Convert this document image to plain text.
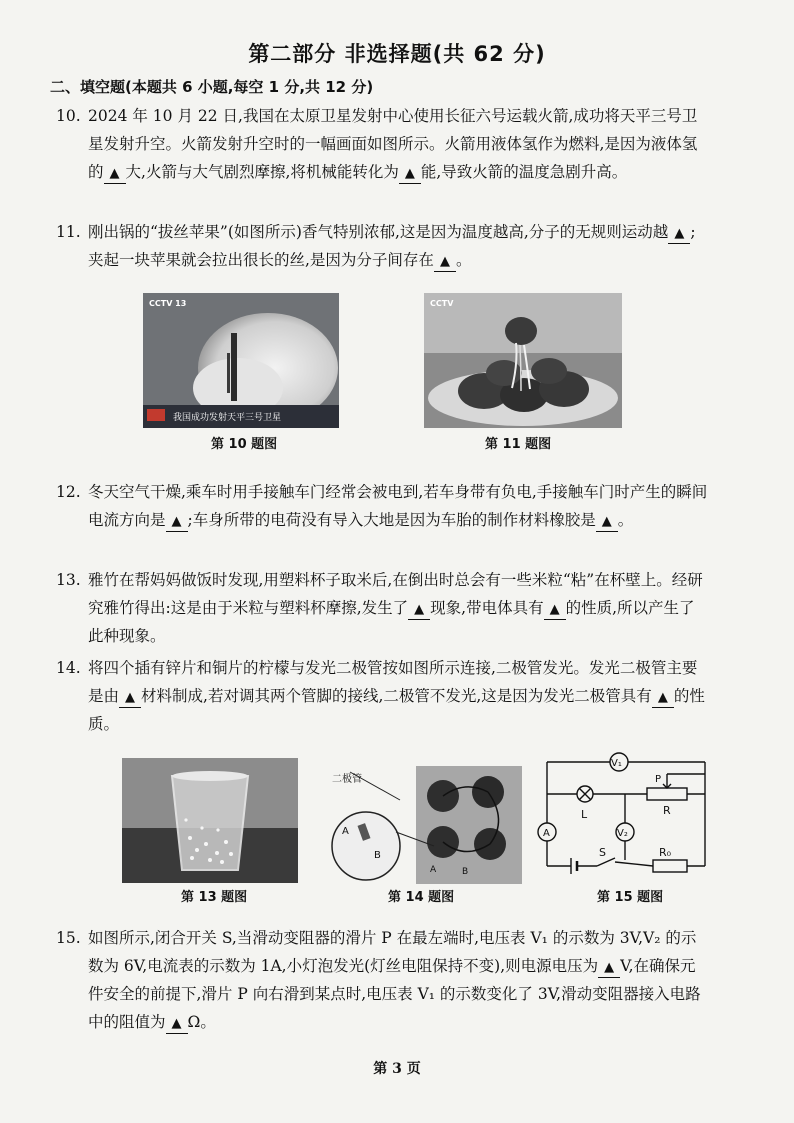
第二部分 非选择题(共 62 分)
二、填空题(本题共 6 小题,每空 1 分,共 12 分)
10. 2024 年 10 月 22 日,我国在太原卫星发射中心使用长征六号运载火箭,成功将天平三号卫星发射升空。火箭发射升空时的一幅画面如图所示。火箭用液体氢作为燃料,是因为液体氢的 ▲ 大,火箭与大气剧烈摩擦,将机械能转化为 ▲ 能,导致火箭的温度急剧升高。
11. 刚出锅的“拔丝苹果”(如图所示)香气特别浓郁,这是因为温度越高,分子的无规则运动越 ▲ ;夹起一块苹果就会拉出很长的丝,是因为分子间存在 ▲ 。
我国成功发射天平三号卫星
CCTV 13
第 10 题图
CCTV
第 11 题图
12. 冬天空气干燥,乘车时用手接触车门经常会被电到,若车身带有负电,手接触车门时产生的瞬间电流方向是 ▲ ;车身所带的电荷没有导入大地是因为车胎的制作材料橡胶是 ▲ 。
13. 雅竹在帮妈妈做饭时发现,用塑料杯子取米后,在倒出时总会有一些米粒“粘”在杯壁上。经研究雅竹得出:这是由于米粒与塑料杯摩擦,发生了 ▲ 现象,带电体具有 ▲ 的性质,所以产生了此种现象。
14. 将四个插有锌片和铜片的柠檬与发光二极管按如图所示连接,二极管发光。发光二极管主要是由 ▲ 材料制成,若对调其两个管脚的接线,二极管不发光,这是因为发光二极管具有 ▲ 的性质。
第 13 题图
二极管
A
B
A	B
第 14 题图
V₁
P
R
L
A	V₂
R₀
S
第 15 题图
15. 如图所示,闭合开关 S,当滑动变阻器的滑片 P 在最左端时,电压表 V₁ 的示数为 3V,V₂ 的示数为 6V,电流表的示数为 1A,小灯泡发光(灯丝电阻保持不变),则电源电压为 ▲ V,在确保元件安全的前提下,滑片 P 向右滑到某点时,电压表 V₁ 的示数变化了 3V,滑动变阻器接入电路中的阻值为 ▲ Ω。
第 3 页
